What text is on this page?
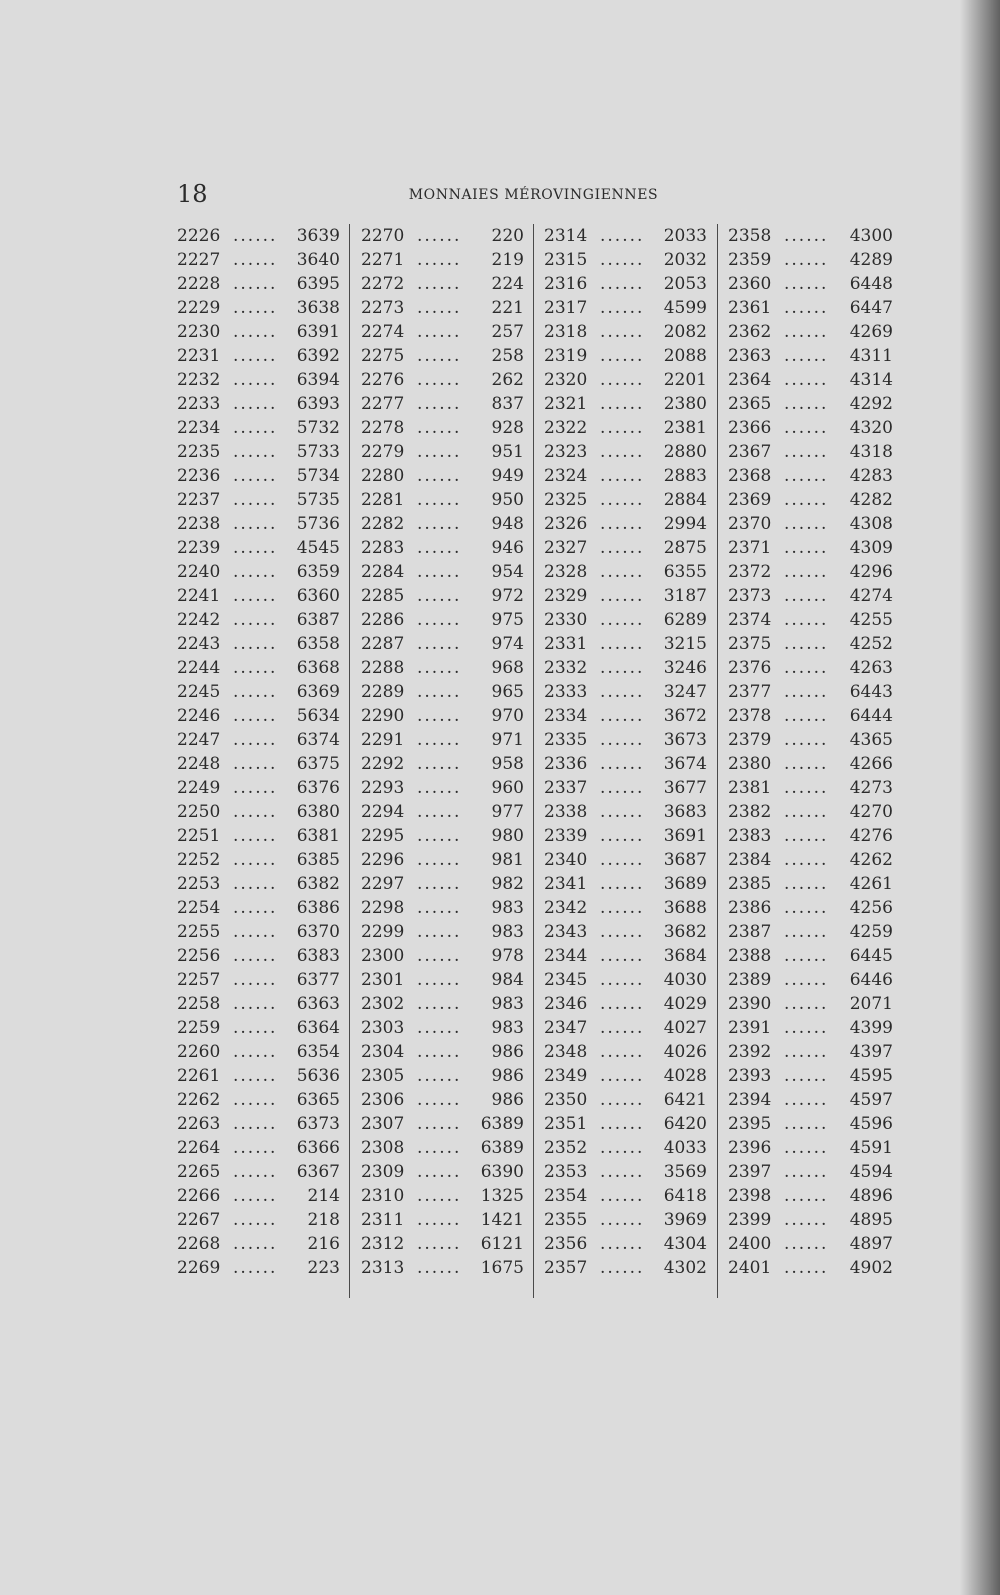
18	MONNAIES MÉROVINGIENNES
2226 ...... 3639
2227 ...... 3640
2228 ...... 6395
2229 ...... 3638
2230 ...... 6391
2231 ...... 6392
2232 ...... 6394
2233 ...... 6393
2234 ...... 5732
2235 ...... 5733
2236 ...... 5734
2237 ...... 5735
2238 ...... 5736
2239 ...... 4545
2240 ...... 6359
2241 ...... 6360
2242 ...... 6387
2243 ...... 6358
2244 ...... 6368
2245 ...... 6369
2246 ...... 5634
2247 ...... 6374
2248 ...... 6375
2249 ...... 6376
2250 ...... 6380
2251 ...... 6381
2252 ...... 6385
2253 ...... 6382
2254 ...... 6386
2255 ...... 6370
2256 ...... 6383
2257 ...... 6377
2258 ...... 6363
2259 ...... 6364
2260 ...... 6354
2261 ...... 5636
2262 ...... 6365
2263 ...... 6373
2264 ...... 6366
2265 ...... 6367
2266 ...... 214
2267 ...... 218
2268 ...... 216
2269 ...... 223
2270 ...... 220
2271 ...... 219
2272 ...... 224
2273 ...... 221
2274 ...... 257
2275 ...... 258
2276 ...... 262
2277 ...... 837
2278 ...... 928
2279 ...... 951
2280 ...... 949
2281 ...... 950
2282 ...... 948
2283 ...... 946
2284 ...... 954
2285 ...... 972
2286 ...... 975
2287 ...... 974
2288 ...... 968
2289 ...... 965
2290 ...... 970
2291 ...... 971
2292 ...... 958
2293 ...... 960
2294 ...... 977
2295 ...... 980
2296 ...... 981
2297 ...... 982
2298 ...... 983
2299 ...... 983
2300 ...... 978
2301 ...... 984
2302 ...... 983
2303 ...... 983
2304 ...... 986
2305 ...... 986
2306 ...... 986
2307 ...... 6389
2308 ...... 6389
2309 ...... 6390
2310 ...... 1325
2311 ...... 1421
2312 ...... 6121
2313 ...... 1675
2314 ...... 2033
2315 ...... 2032
2316 ...... 2053
2317 ...... 4599
2318 ...... 2082
2319 ...... 2088
2320 ...... 2201
2321 ...... 2380
2322 ...... 2381
2323 ...... 2880
2324 ...... 2883
2325 ...... 2884
2326 ...... 2994
2327 ...... 2875
2328 ...... 6355
2329 ...... 3187
2330 ...... 6289
2331 ...... 3215
2332 ...... 3246
2333 ...... 3247
2334 ...... 3672
2335 ...... 3673
2336 ...... 3674
2337 ...... 3677
2338 ...... 3683
2339 ...... 3691
2340 ...... 3687
2341 ...... 3689
2342 ...... 3688
2343 ...... 3682
2344 ...... 3684
2345 ...... 4030
2346 ...... 4029
2347 ...... 4027
2348 ...... 4026
2349 ...... 4028
2350 ...... 6421
2351 ...... 6420
2352 ...... 4033
2353 ...... 3569
2354 ...... 6418
2355 ...... 3969
2356 ...... 4304
2357 ...... 4302
2358 ...... 4300
2359 ...... 4289
2360 ...... 6448
2361 ...... 6447
2362 ...... 4269
2363 ...... 4311
2364 ...... 4314
2365 ...... 4292
2366 ...... 4320
2367 ...... 4318
2368 ...... 4283
2369 ...... 4282
2370 ...... 4308
2371 ...... 4309
2372 ...... 4296
2373 ...... 4274
2374 ...... 4255
2375 ...... 4252
2376 ...... 4263
2377 ...... 6443
2378 ...... 6444
2379 ...... 4365
2380 ...... 4266
2381 ...... 4273
2382 ...... 4270
2383 ...... 4276
2384 ...... 4262
2385 ...... 4261
2386 ...... 4256
2387 ...... 4259
2388 ...... 6445
2389 ...... 6446
2390 ...... 2071
2391 ...... 4399
2392 ...... 4397
2393 ...... 4595
2394 ...... 4597
2395 ...... 4596
2396 ...... 4591
2397 ...... 4594
2398 ...... 4896
2399 ...... 4895
2400 ...... 4897
2401 ...... 4902
